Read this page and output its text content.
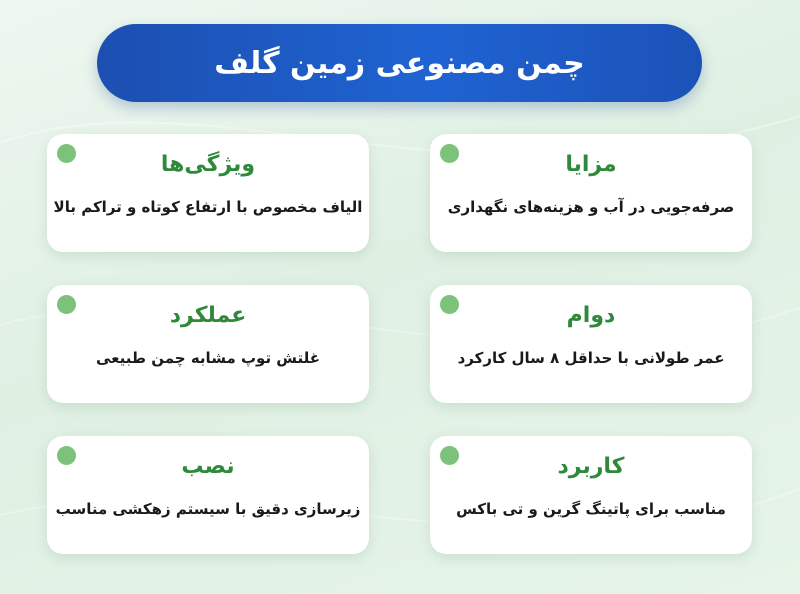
چمن مصنوعی زمین گلف
مزایا
صرفه‌جویی در آب و هزینه‌های نگهداری
ویژگی‌ها
الیاف مخصوص با ارتفاع کوتاه و تراکم بالا
دوام
عمر طولانی با حداقل ۸ سال کارکرد
عملکرد
غلتش توپ مشابه چمن طبیعی
کاربرد
مناسب برای پاتینگ گرین و تی باکس
نصب
زیرسازی دقیق با سیستم زهکشی مناسب
